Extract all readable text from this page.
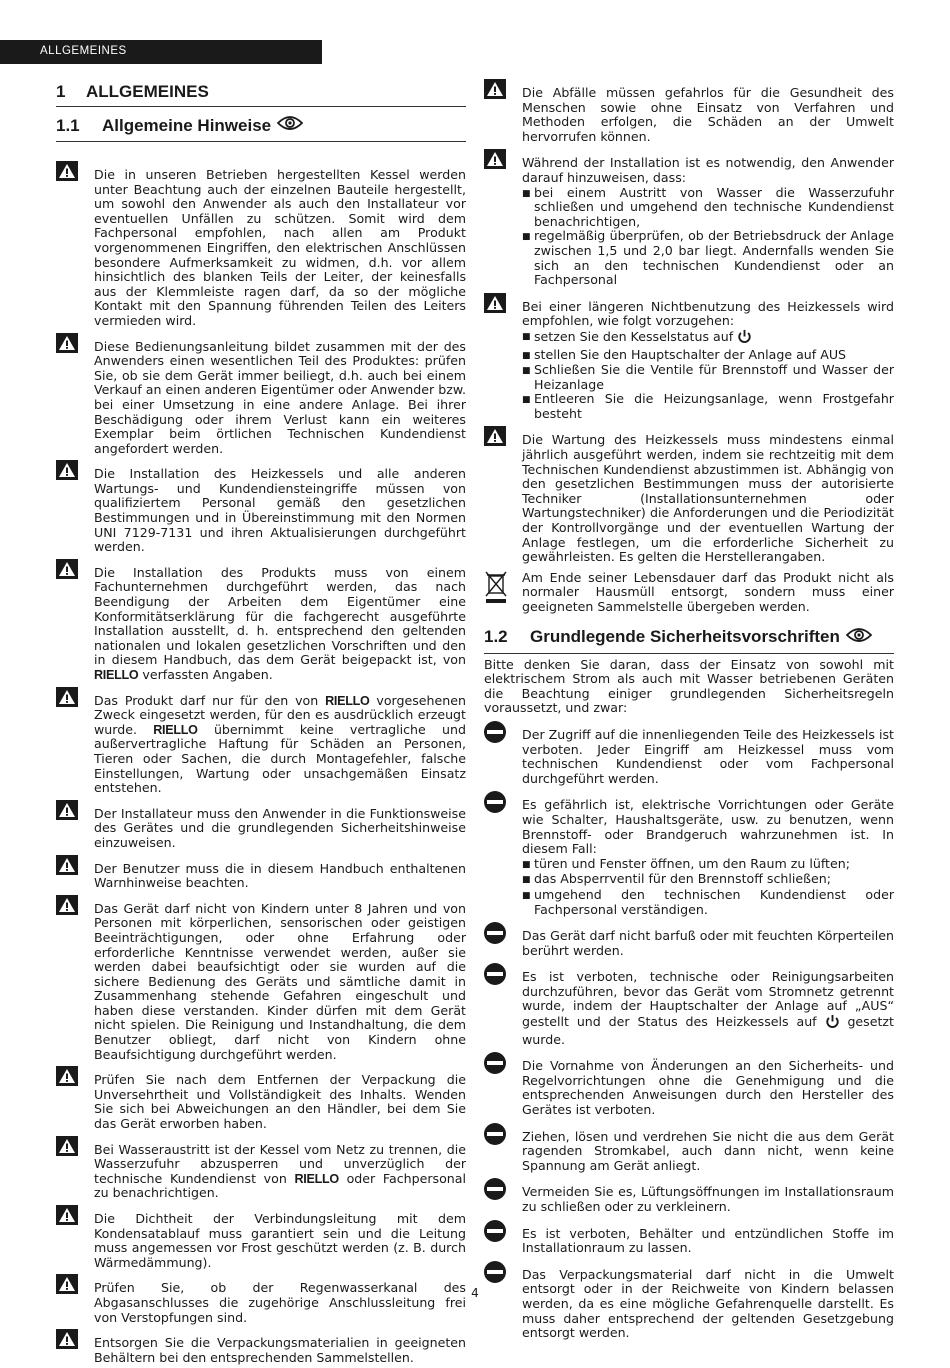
ALLGEMEINES
1 ALLGEMEINES
1.1	Allgemeine Hinweise
Die in unseren Betrieben hergestellten Kessel werden unter Beachtung auch der einzelnen Bauteile hergestellt, um sowohl den Anwender als auch den Installateur vor eventuellen Unfällen zu schützen. Somit wird dem Fachpersonal empfohlen, nach allen am Produkt vorgenommenen Eingriffen, den elektrischen Anschlüssen besondere Aufmerksamkeit zu widmen, d.h. vor allem hinsichtlich des blanken Teils der Leiter, der keinesfalls aus der Klemmleiste ragen darf, da so der mögliche Kontakt mit den Spannung führenden Teilen des Leiters vermieden wird.
Diese Bedienungsanleitung bildet zusammen mit der des Anwenders einen wesentlichen Teil des Produktes: prüfen Sie, ob sie dem Gerät immer beiliegt, d.h. auch bei einem Verkauf an einen anderen Eigentümer oder Anwender bzw. bei einer Umsetzung in eine andere Anlage. Bei ihrer Beschädigung oder ihrem Verlust kann ein weiteres Exemplar beim örtlichen Technischen Kundendienst angefordert werden.
Die Installation des Heizkessels und alle anderen Wartungs- und Kundendiensteingriffe müssen von qualifiziertem Personal gemäß den gesetzlichen Bestimmungen und in Übereinstimmung mit den Normen UNI 7129-7131 und ihren Aktualisierungen durchgeführt werden.
Die Installation des Produkts muss von einem Fachunternehmen durchgeführt werden, das nach Beendigung der Arbeiten dem Eigentümer eine Konformitätserklärung für die fachgerecht ausgeführte Installation ausstellt, d. h. entsprechend den geltenden nationalen und lokalen gesetzlichen Vorschriften und den in diesem Handbuch, das dem Gerät beigepackt ist, von RIELLO verfassten Angaben.
Das Produkt darf nur für den von RIELLO vorgesehenen Zweck eingesetzt werden, für den es ausdrücklich erzeugt wurde. RIELLO übernimmt keine vertragliche und außervertragliche Haftung für Schäden an Personen, Tieren oder Sachen, die durch Montagefehler, falsche Einstellungen, Wartung oder unsachgemäßen Einsatz entstehen.
Der Installateur muss den Anwender in die Funktionsweise des Gerätes und die grundlegenden Sicherheitshinweise einzuweisen.
Der Benutzer muss die in diesem Handbuch enthaltenen Warnhinweise beachten.
Das Gerät darf nicht von Kindern unter 8 Jahren und von Personen mit körperlichen, sensorischen oder geistigen Beeinträchtigungen, oder ohne Erfahrung oder erforderliche Kenntnisse verwendet werden, außer sie werden dabei beaufsichtigt oder sie wurden auf die sichere Bedienung des Geräts und sämtliche damit in Zusammenhang stehende Gefahren eingeschult und haben diese verstanden. Kinder dürfen mit dem Gerät nicht spielen. Die Reinigung und Instandhaltung, die dem Benutzer obliegt, darf nicht von Kindern ohne Beaufsichtigung durchgeführt werden.
Prüfen Sie nach dem Entfernen der Verpackung die Unversehrtheit und Vollständigkeit des Inhalts. Wenden Sie sich bei Abweichungen an den Händler, bei dem Sie das Gerät erworben haben.
Bei Wasseraustritt ist der Kessel vom Netz zu trennen, die Wasserzufuhr abzusperren und unverzüglich der technische Kundendienst von RIELLO oder Fachpersonal zu benachrichtigen.
Die Dichtheit der Verbindungsleitung mit dem Kondensatablauf muss garantiert sein und die Leitung muss angemessen vor Frost geschützt werden (z. B. durch Wärmedämmung).
Prüfen Sie, ob der Regenwasserkanal des Abgasanschlusses die zugehörige Anschlussleitung frei von Verstopfungen sind.
Entsorgen Sie die Verpackungsmaterialien in geeigneten Behältern bei den entsprechenden Sammelstellen.
Die Abfälle müssen gefahrlos für die Gesundheit des Menschen sowie ohne Einsatz von Verfahren und Methoden erfolgen, die Schäden an der Umwelt hervorrufen können.
Während der Installation ist es notwendig, den Anwender darauf hinzuweisen, dass:
■ bei einem Austritt von Wasser die Wasserzufuhr schließen und umgehend den technische Kundendienst benachrichtigen,
■ regelmäßig überprüfen, ob der Betriebsdruck der Anlage zwischen 1,5 und 2,0 bar liegt. Andernfalls wenden Sie sich an den technischen Kundendienst oder an Fachpersonal
Bei einer längeren Nichtbenutzung des Heizkessels wird empfohlen, wie folgt vorzugehen:
■ setzen Sie den Kesselstatus auf
■ stellen Sie den Hauptschalter der Anlage auf AUS
■ Schließen Sie die Ventile für Brennstoff und Wasser der Heizanlage
■ Entleeren Sie die Heizungsanlage, wenn Frostgefahr besteht
Die Wartung des Heizkessels muss mindestens einmal jährlich ausgeführt werden, indem sie rechtzeitig mit dem Technischen Kundendienst abzustimmen ist. Abhängig von den gesetzlichen Bestimmungen muss der autorisierte Techniker (Installationsunternehmen oder Wartungstechniker) die Anforderungen und die Periodizität der Kontrollvorgänge und der eventuellen Wartung der Anlage festlegen, um die erforderliche Sicherheit zu gewährleisten. Es gelten die Herstellerangaben.
Am Ende seiner Lebensdauer darf das Produkt nicht als normaler Hausmüll entsorgt, sondern muss einer geeigneten Sammelstelle übergeben werden.
1.2	Grundlegende Sicherheitsvorschriften
Bitte denken Sie daran, dass der Einsatz von sowohl mit elektrischem Strom als auch mit Wasser betriebenen Geräten die Beachtung einiger grundlegenden Sicherheitsregeln voraussetzt, und zwar:
Der Zugriff auf die innenliegenden Teile des Heizkessels ist verboten. Jeder Eingriff am Heizkessel muss vom technischen Kundendienst oder vom Fachpersonal durchgeführt werden.
Es gefährlich ist, elektrische Vorrichtungen oder Geräte wie Schalter, Haushaltsgeräte, usw. zu benutzen, wenn Brennstoff- oder Brandgeruch wahrzunehmen ist. In diesem Fall:
■ türen und Fenster öffnen, um den Raum zu lüften;
■ das Absperrventil für den Brennstoff schließen;
■ umgehend den technischen Kundendienst oder Fachpersonal verständigen.
Das Gerät darf nicht barfuß oder mit feuchten Körperteilen berührt werden.
Es ist verboten, technische oder Reinigungsarbeiten durchzuführen, bevor das Gerät vom Stromnetz getrennt wurde, indem der Hauptschalter der Anlage auf „AUS“ gestellt und der Status des Heizkessels auf gesetzt wurde.
Die Vornahme von Änderungen an den Sicherheits- und Regelvorrichtungen ohne die Genehmigung und die entsprechenden Anweisungen durch den Hersteller des Gerätes ist verboten.
Ziehen, lösen und verdrehen Sie nicht die aus dem Gerät ragenden Stromkabel, auch dann nicht, wenn keine Spannung am Gerät anliegt.
Vermeiden Sie es, Lüftungsöffnungen im Installationsraum zu schließen oder zu verkleinern.
Es ist verboten, Behälter und entzündlichen Stoffe im Installationraum zu lassen.
Das Verpackungsmaterial darf nicht in die Umwelt entsorgt oder in der Reichweite von Kindern belassen werden, da es eine mögliche Gefahrenquelle darstellt. Es muss daher entsprechend der geltenden Gesetzgebung entsorgt werden.
4
